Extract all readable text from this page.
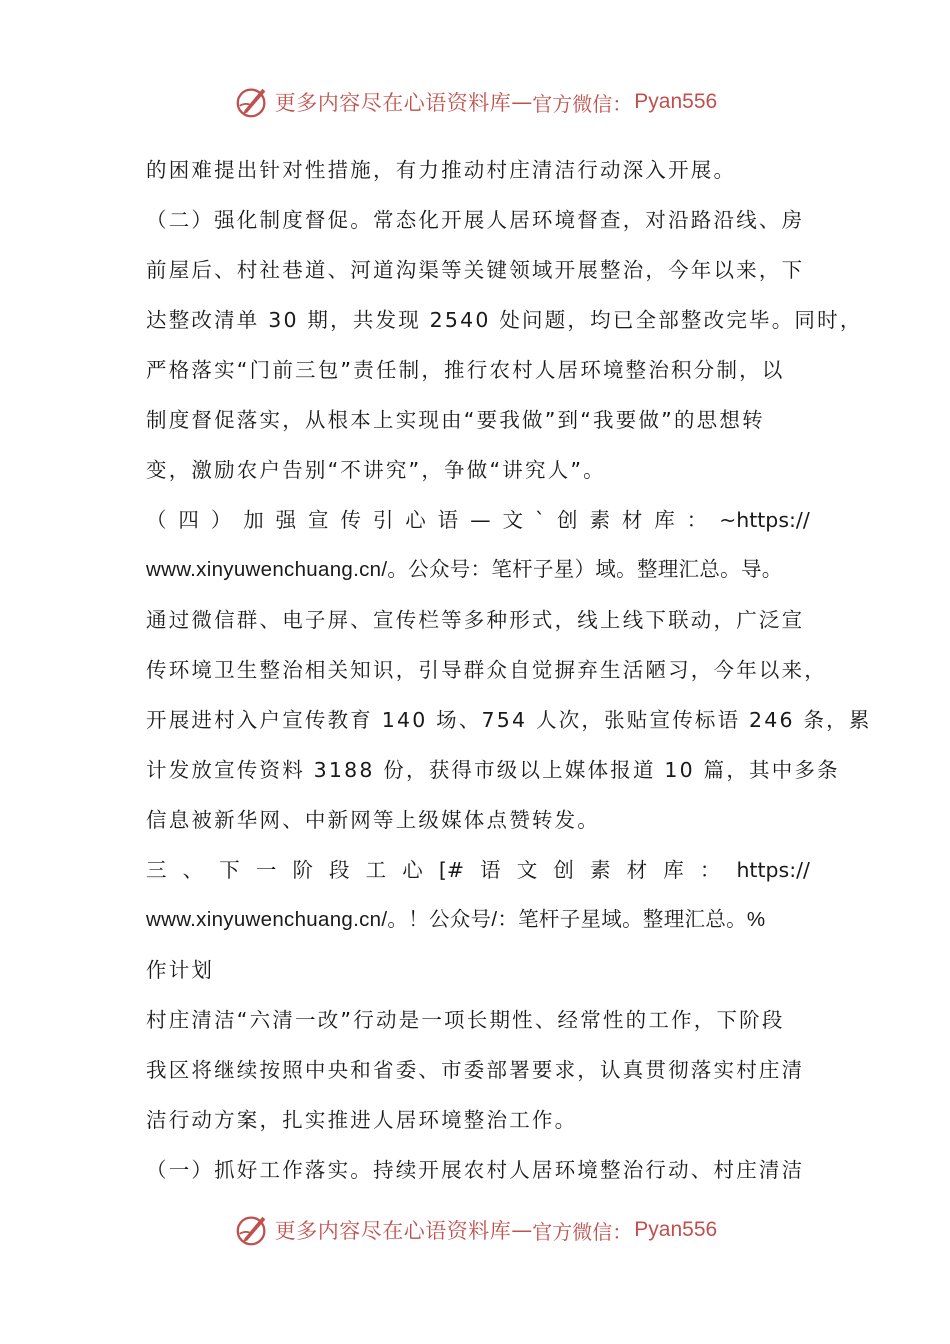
更多内容尽在心语资料库 — 官方微信： Pyan556
的困难提出针对性措施，有力推动村庄清洁行动深入开展。
（二）强化制度督促。常态化开展人居环境督查，对沿路沿线、房
前屋后、村社巷道、河道沟渠等关键领域开展整治，今年以来，下
达整改清单 30 期，共发现 2540 处问题，均已全部整改完毕。同时，
严格落实“门前三包”责任制，推行农村人居环境整治积分制，以
制度督促落实，从根本上实现由“要我做”到“我要做”的思想转
变，激励农户告别“不讲究”，争做“讲究人”。
（ 四 ） 加 强 宣 传 引 心 语 — 文 ` 创 素 材 库 ： ~https://
www.xinyuwenchuang.cn/。公众号：笔杆子星）域。整理汇总。导。
通过微信群、电子屏、宣传栏等多种形式，线上线下联动，广泛宣
传环境卫生整治相关知识，引导群众自觉摒弃生活陋习，今年以来，
开展进村入户宣传教育 140 场、754 人次，张贴宣传标语 246 条，累
计发放宣传资料 3188 份，获得市级以上媒体报道 10 篇，其中多条
信息被新华网、中新网等上级媒体点赞转发。
三 、 下 一 阶 段 工 心 [# 语 文 创 素 材 库 ： https://
www.xinyuwenchuang.cn/。！公众号/：笔杆子星域。整理汇总。%
作计划
村庄清洁“六清一改”行动是一项长期性、经常性的工作，下阶段
我区将继续按照中央和省委、市委部署要求，认真贯彻落实村庄清
洁行动方案，扎实推进人居环境整治工作。
（一）抓好工作落实。持续开展农村人居环境整治行动、村庄清洁
更多内容尽在心语资料库 — 官方微信： Pyan556
